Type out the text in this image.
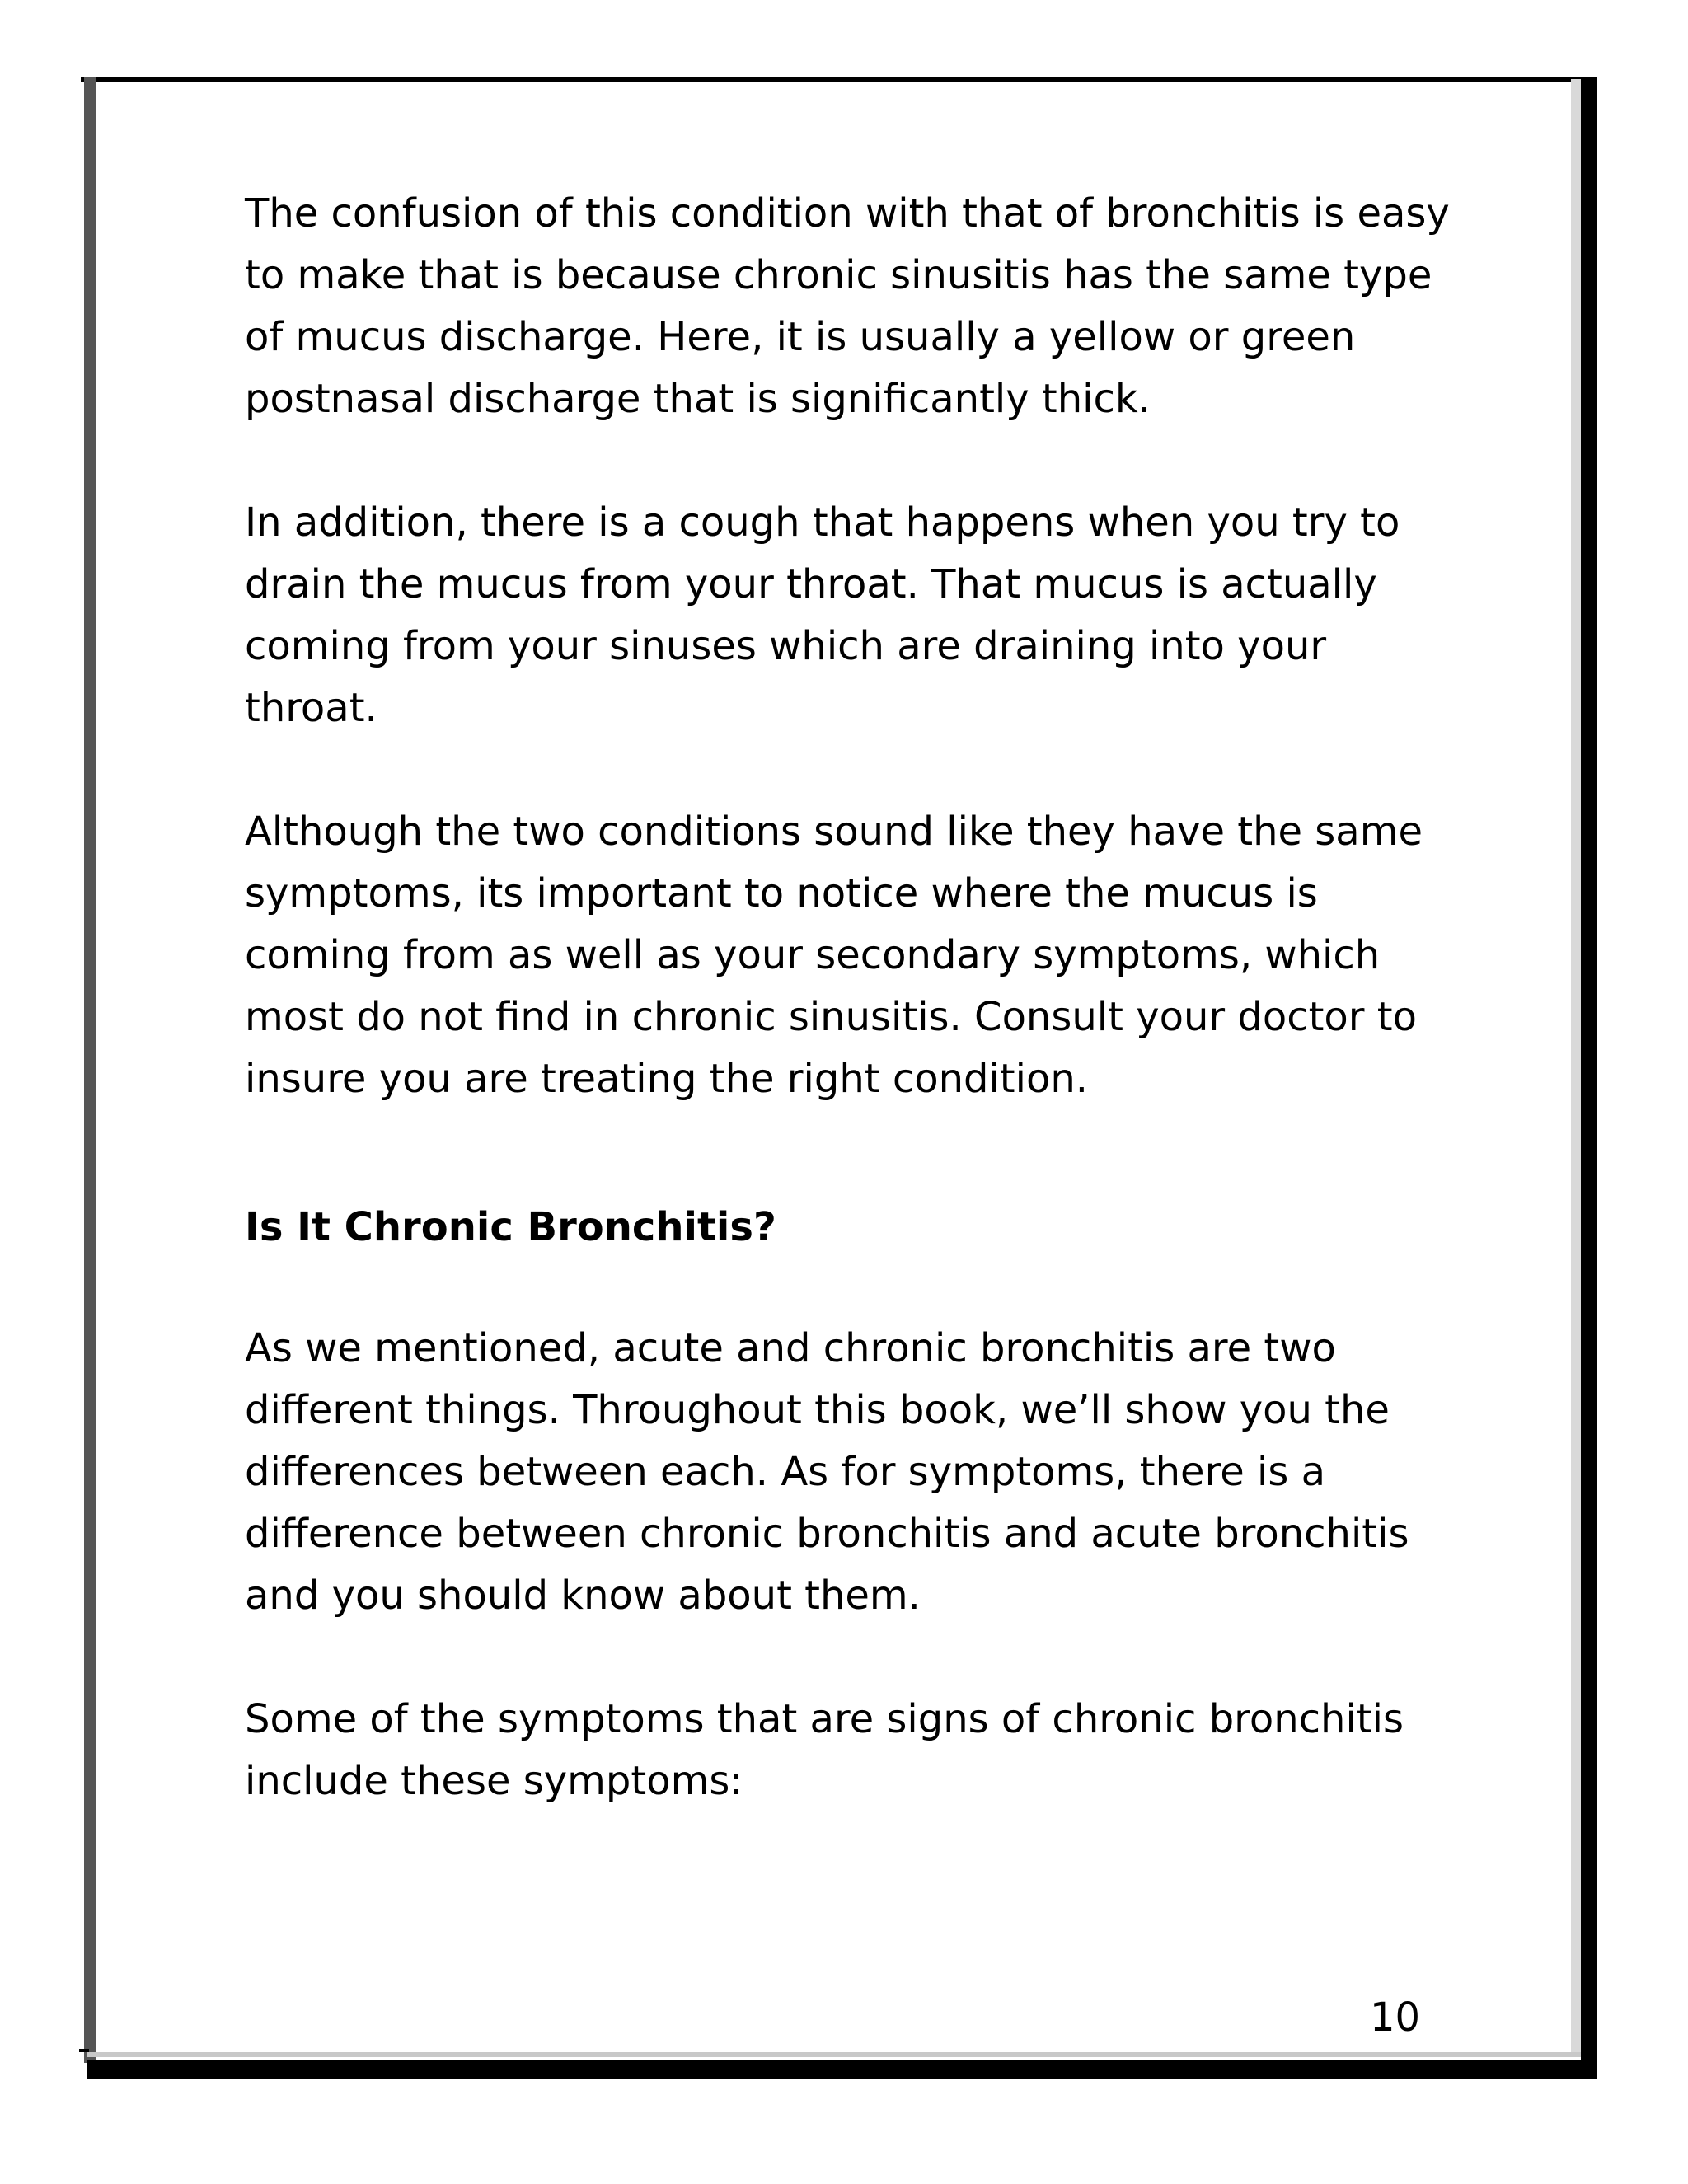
The confusion of this condition with that of bronchitis is easy
to make that is because chronic sinusitis has the same type
of mucus discharge. Here, it is usually a yellow or green
postnasal discharge that is significantly thick.

In addition, there is a cough that happens when you try to
drain the mucus from your throat. That mucus is actually
coming from your sinuses which are draining into your
throat.

Although the two conditions sound like they have the same
symptoms, its important to notice where the mucus is
coming from as well as your secondary symptoms, which
most do not find in chronic sinusitis. Consult your doctor to
insure you are treating the right condition.

Is It Chronic Bronchitis?

As we mentioned, acute and chronic bronchitis are two
different things. Throughout this book, we’ll show you the
differences between each. As for symptoms, there is a
difference between chronic bronchitis and acute bronchitis
and you should know about them.

Some of the symptoms that are signs of chronic bronchitis
include these symptoms:

10
